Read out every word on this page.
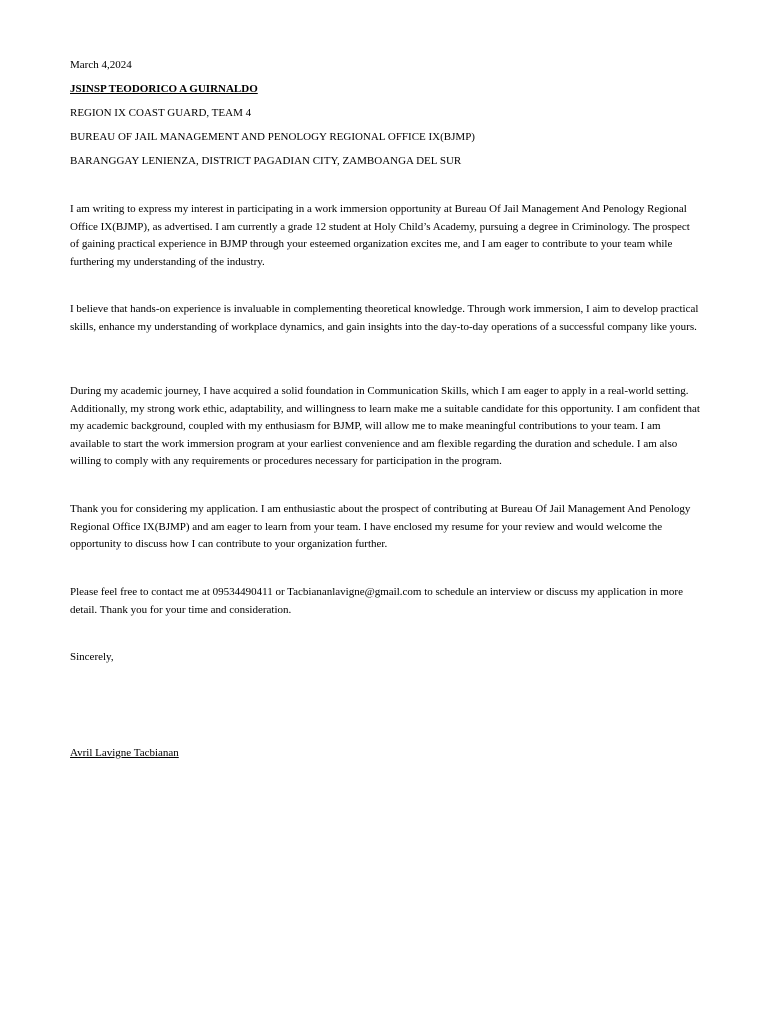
March 4,2024
JSINSP TEODORICO A GUIRNALDO
REGION IX COAST GUARD, TEAM 4
BUREAU OF JAIL MANAGEMENT AND PENOLOGY REGIONAL OFFICE IX(BJMP)
BARANGGAY LENIENZA, DISTRICT PAGADIAN CITY, ZAMBOANGA DEL SUR

I am writing to express my interest in participating in a work immersion opportunity at Bureau Of Jail Management And Penology Regional Office IX(BJMP), as advertised. I am currently a grade 12 student at Holy Child’s Academy, pursuing a degree in Criminology. The prospect of gaining practical experience in BJMP through your esteemed organization excites me, and I am eager to contribute to your team while furthering my understanding of the industry.

I believe that hands-on experience is invaluable in complementing theoretical knowledge. Through work immersion, I aim to develop practical skills, enhance my understanding of workplace dynamics, and gain insights into the day-to-day operations of a successful company like yours.

During my academic journey, I have acquired a solid foundation in Communication Skills, which I am eager to apply in a real-world setting. Additionally, my strong work ethic, adaptability, and willingness to learn make me a suitable candidate for this opportunity. I am confident that my academic background, coupled with my enthusiasm for BJMP, will allow me to make meaningful contributions to your team. I am available to start the work immersion program at your earliest convenience and am flexible regarding the duration and schedule. I am also willing to comply with any requirements or procedures necessary for participation in the program.

Thank you for considering my application. I am enthusiastic about the prospect of contributing at Bureau Of Jail Management And Penology Regional Office IX(BJMP) and am eager to learn from your team. I have enclosed my resume for your review and would welcome the opportunity to discuss how I can contribute to your organization further.

Please feel free to contact me at 09534490411 or Tacbiananlavigne@gmail.com to schedule an interview or discuss my application in more detail. Thank you for your time and consideration.

Sincerely,
Avril Lavigne Tacbianan
